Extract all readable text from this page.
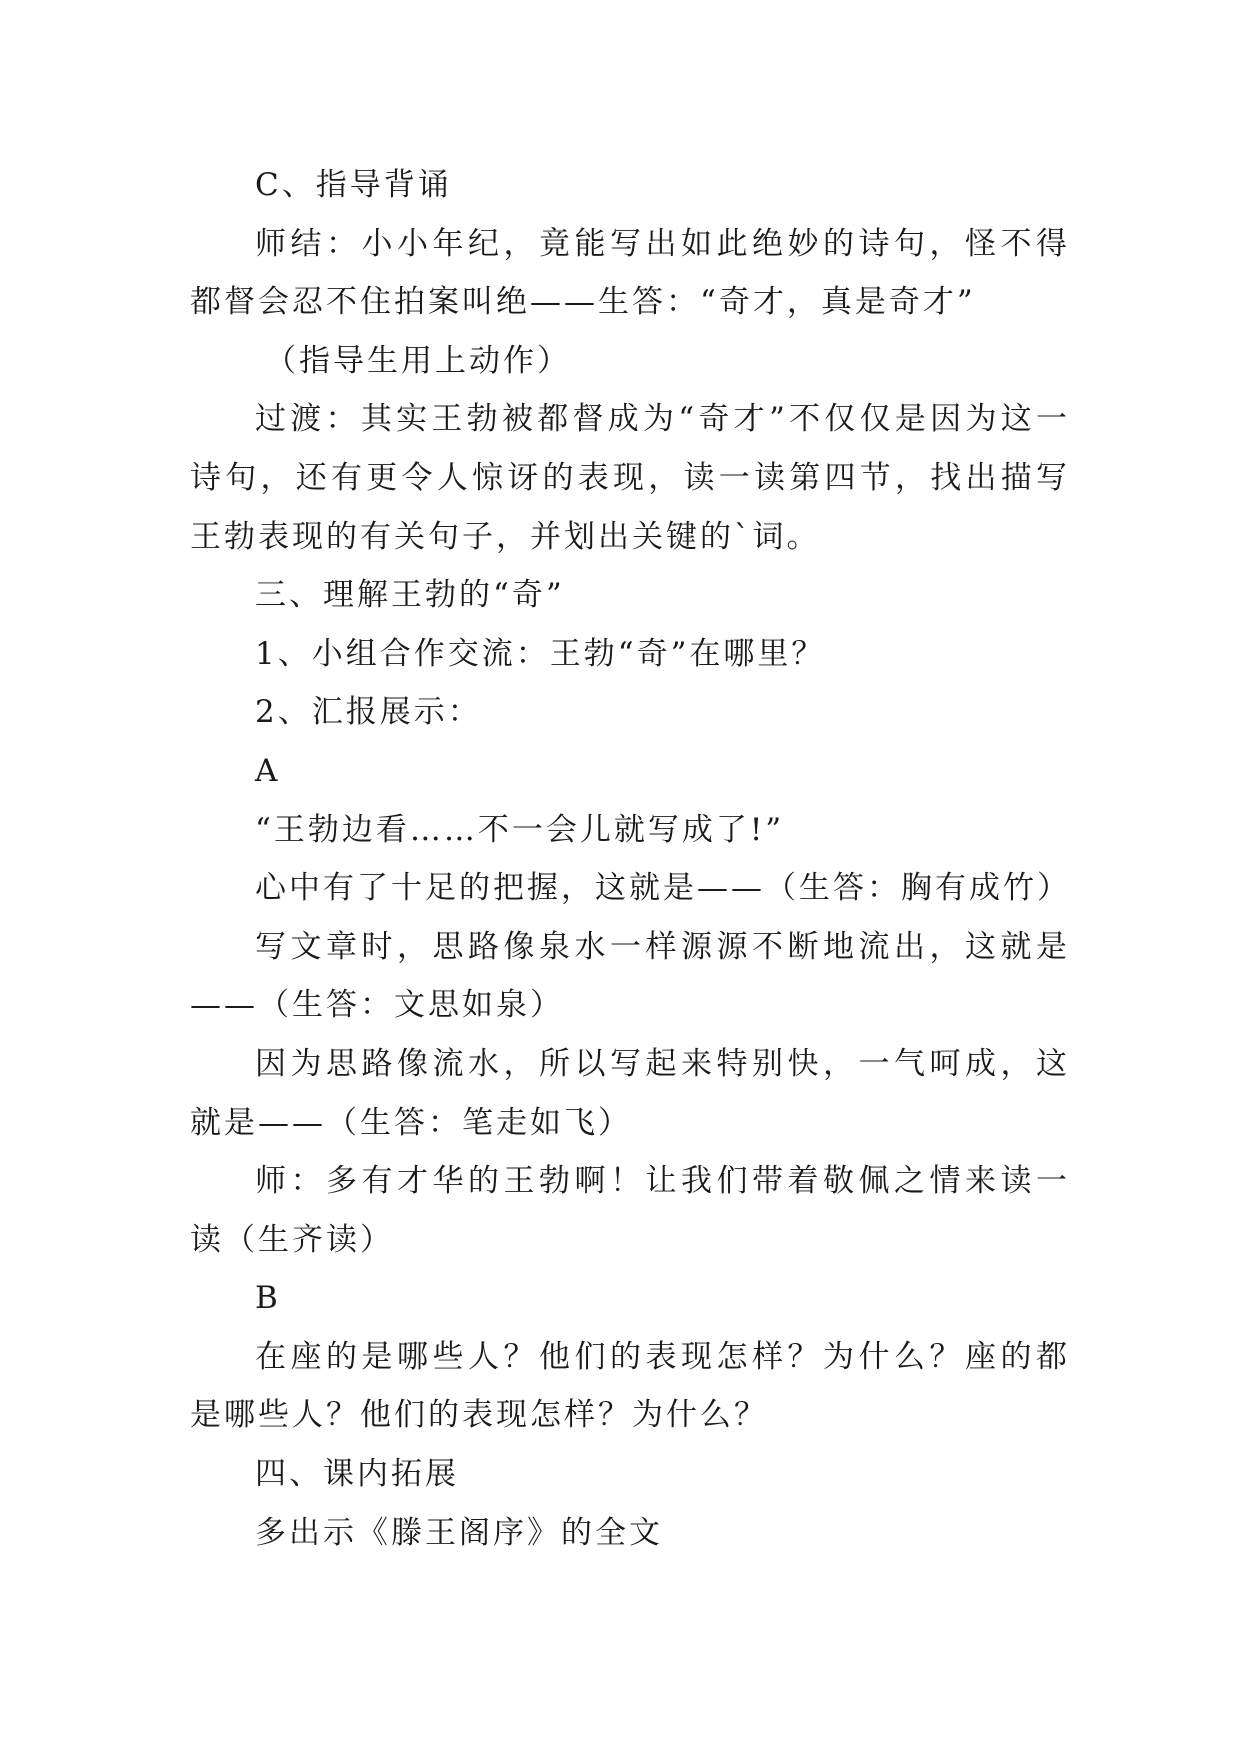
C、指导背诵

师结：小小年纪，竟能写出如此绝妙的诗句，怪不得都督会忍不住拍案叫绝——生答：“奇才，真是奇才”

（指导生用上动作）

过渡：其实王勃被都督成为“奇才”不仅仅是因为这一诗句，还有更令人惊讶的表现，读一读第四节，找出描写王勃表现的有关句子，并划出关键的`词。

三、理解王勃的“奇”

1、小组合作交流：王勃“奇”在哪里？

2、汇报展示：

A

“王勃边看……不一会儿就写成了!”

心中有了十足的把握，这就是——（生答：胸有成竹）

写文章时，思路像泉水一样源源不断地流出，这就是——（生答：文思如泉）

因为思路像流水，所以写起来特别快，一气呵成，这就是——（生答：笔走如飞）

师：多有才华的王勃啊！让我们带着敬佩之情来读一读（生齐读）

B

在座的是哪些人？他们的表现怎样？为什么？座的都是哪些人？他们的表现怎样？为什么？

四、课内拓展

多出示《滕王阁序》的全文
